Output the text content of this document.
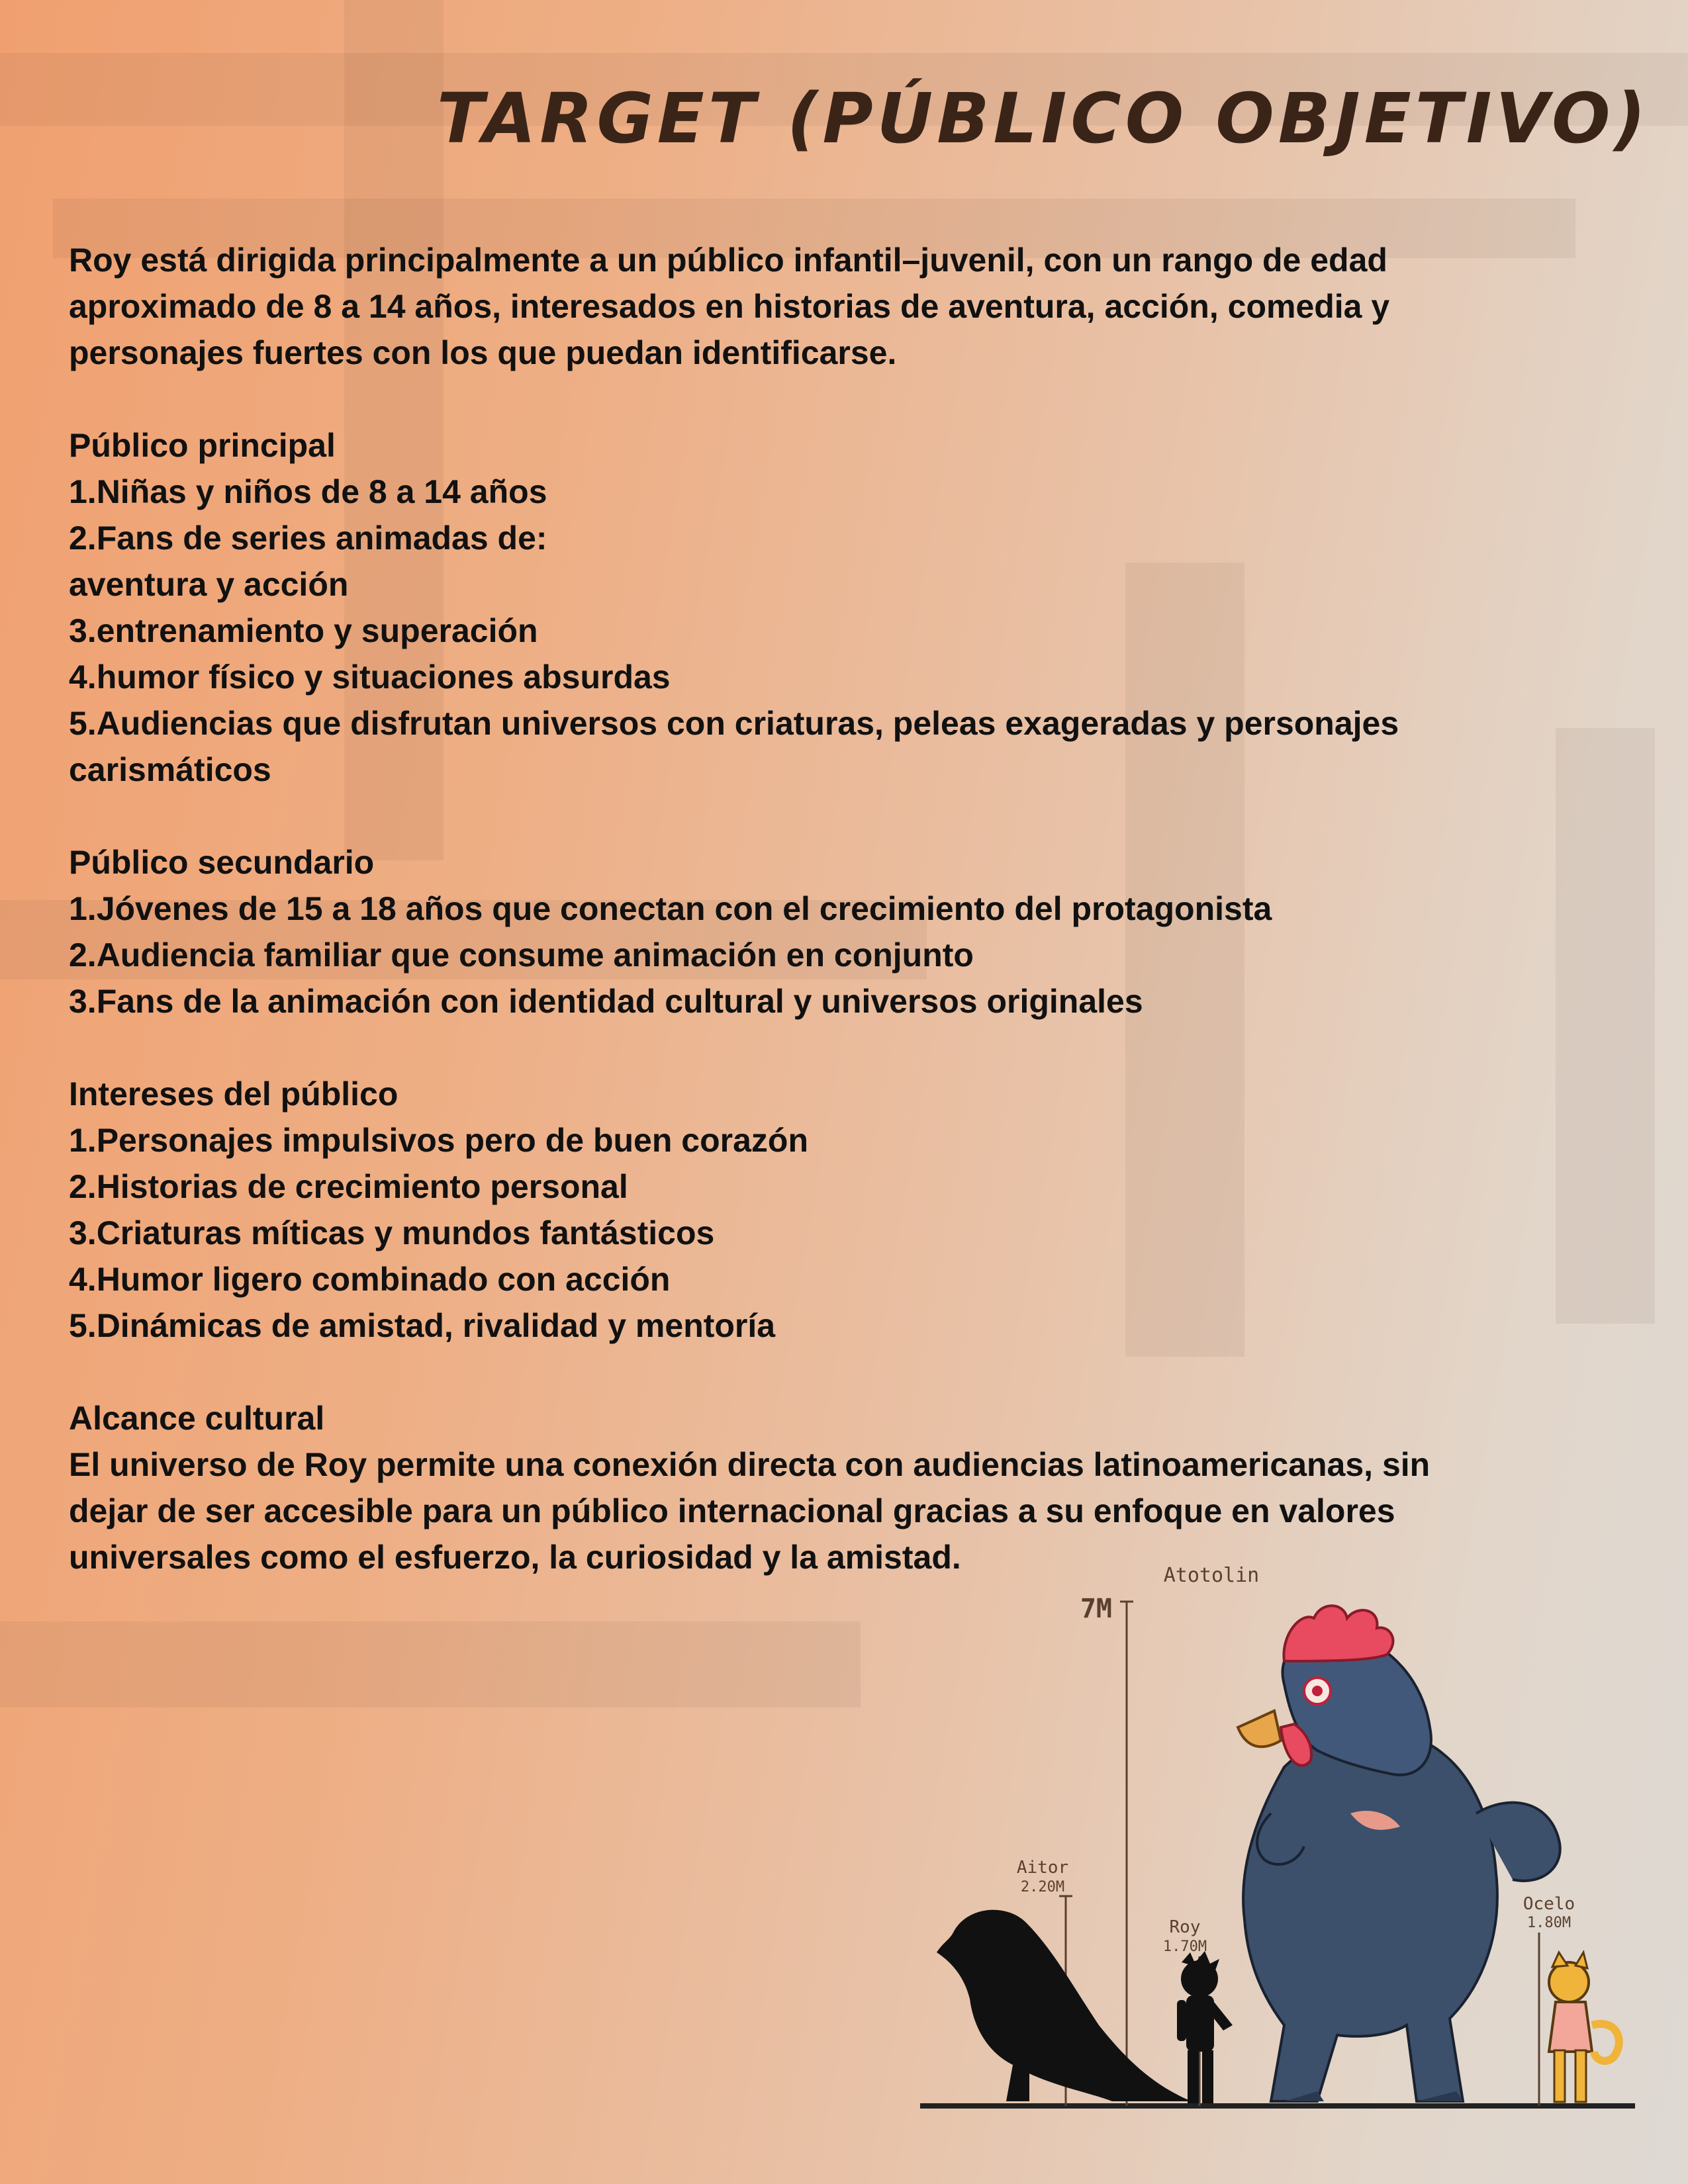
TARGET (PÚBLICO OBJETIVO)

Roy está dirigida principalmente a un público infantil–juvenil, con un rango de edad

aproximado de 8 a 14 años, interesados en historias de aventura, acción, comedia y

personajes fuertes con los que puedan identificarse.

Público principal

1.Niñas y niños de 8 a 14 años

2.Fans de series animadas de:

aventura y acción

3.entrenamiento y superación

4.humor físico y situaciones absurdas

5.Audiencias que disfrutan universos con criaturas, peleas exageradas y personajes

carismáticos

Público secundario

1.Jóvenes de 15 a 18 años que conectan con el crecimiento del protagonista

2.Audiencia familiar que consume animación en conjunto

3.Fans de la animación con identidad cultural y universos originales

Intereses del público

1.Personajes impulsivos pero de buen corazón

2.Historias de crecimiento personal

3.Criaturas míticas y mundos fantásticos

4.Humor ligero combinado con acción

5.Dinámicas de amistad, rivalidad y mentoría

Alcance cultural

El universo de Roy permite una conexión directa con audiencias latinoamericanas, sin

dejar de ser accesible para un público internacional gracias a su enfoque en valores

universales como el esfuerzo, la curiosidad y la amistad.

7M
Atotolin
Aitor
2.20M
Roy
1.70M
Ocelo
1.80M
